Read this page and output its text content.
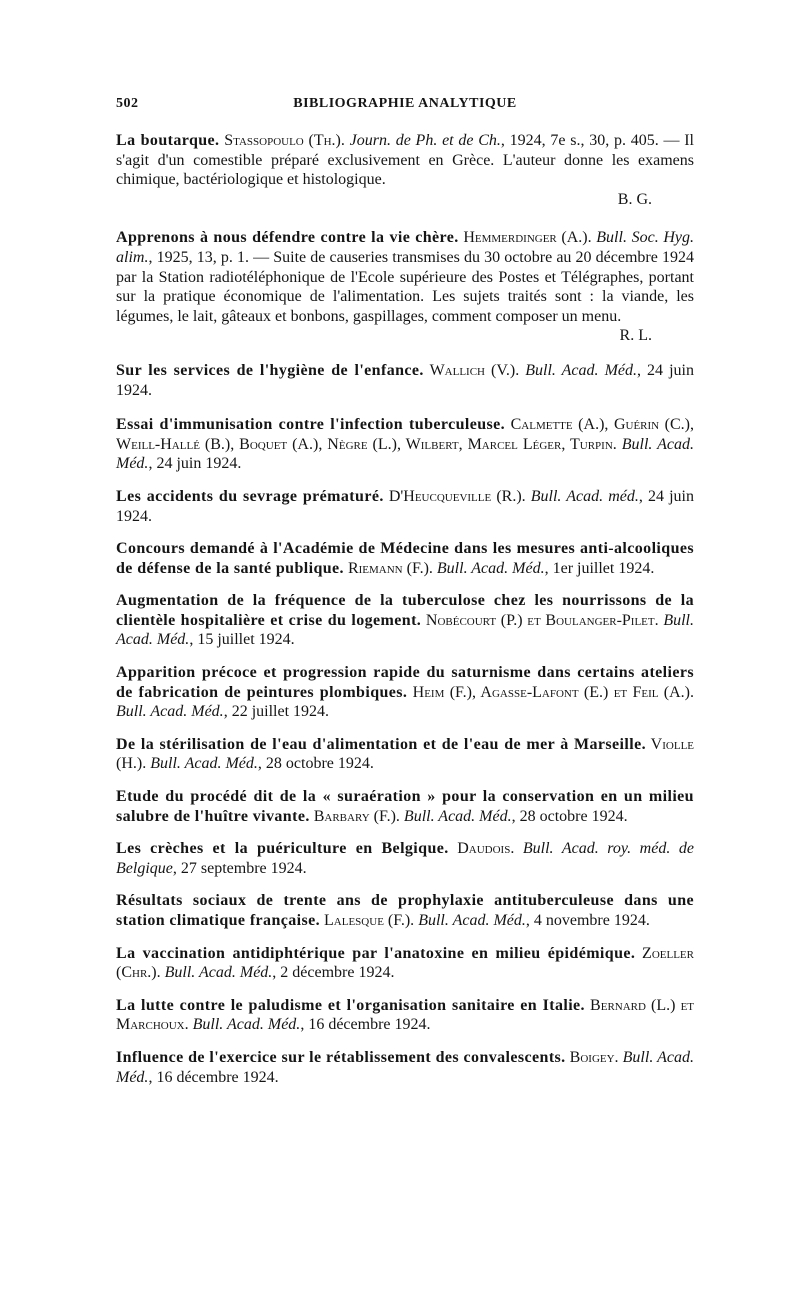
502	BIBLIOGRAPHIE ANALYTIQUE

La boutarque. Stassopoulo (Th.). Journ. de Ph. et de Ch., 1924, 7e s., 30, p. 405. — Il s'agit d'un comestible préparé exclusivement en Grèce. L'auteur donne les examens chimique, bactériologique et histologique.
B. G.

Apprenons à nous défendre contre la vie chère. Hemmerdinger (A.). Bull. Soc. Hyg. alim., 1925, 13, p. 1. — Suite de causeries transmises du 30 octobre au 20 décembre 1924 par la Station radiotéléphonique de l'Ecole supérieure des Postes et Télégraphes, portant sur la pratique économique de l'alimentation. Les sujets traités sont : la viande, les légumes, le lait, gâteaux et bonbons, gaspillages, comment composer un menu.
R. L.

Sur les services de l'hygiène de l'enfance. Wallich (V.). Bull. Acad. Méd., 24 juin 1924.

Essai d'immunisation contre l'infection tuberculeuse. Calmette (A.), Guérin (C.), Weill-Hallé (B.), Boquet (A.), Nègre (L.), Wilbert, Marcel Léger, Turpin. Bull. Acad. Méd., 24 juin 1924.

Les accidents du sevrage prématuré. D'Heucqueville (R.). Bull. Acad. méd., 24 juin 1924.

Concours demandé à l'Académie de Médecine dans les mesures anti-alcooliques de défense de la santé publique. Riemann (F.). Bull. Acad. Méd., 1er juillet 1924.

Augmentation de la fréquence de la tuberculose chez les nourrissons de la clientèle hospitalière et crise du logement. Nobécourt (P.) et Boulanger-Pilet. Bull. Acad. Méd., 15 juillet 1924.

Apparition précoce et progression rapide du saturnisme dans certains ateliers de fabrication de peintures plombiques. Heim (F.), Agasse-Lafont (E.) et Feil (A.). Bull. Acad. Méd., 22 juillet 1924.

De la stérilisation de l'eau d'alimentation et de l'eau de mer à Marseille. Violle (H.). Bull. Acad. Méd., 28 octobre 1924.

Etude du procédé dit de la « suraération » pour la conservation en un milieu salubre de l'huître vivante. Barbary (F.). Bull. Acad. Méd., 28 octobre 1924.

Les crèches et la puériculture en Belgique. Daudois. Bull. Acad. roy. méd. de Belgique, 27 septembre 1924.

Résultats sociaux de trente ans de prophylaxie antituberculeuse dans une station climatique française. Lalesque (F.). Bull. Acad. Méd., 4 novembre 1924.

La vaccination antidiphtérique par l'anatoxine en milieu épidémique. Zoeller (Chr.). Bull. Acad. Méd., 2 décembre 1924.

La lutte contre le paludisme et l'organisation sanitaire en Italie. Bernard (L.) et Marchoux. Bull. Acad. Méd., 16 décembre 1924.

Influence de l'exercice sur le rétablissement des convalescents. Boigey. Bull. Acad. Méd., 16 décembre 1924.
